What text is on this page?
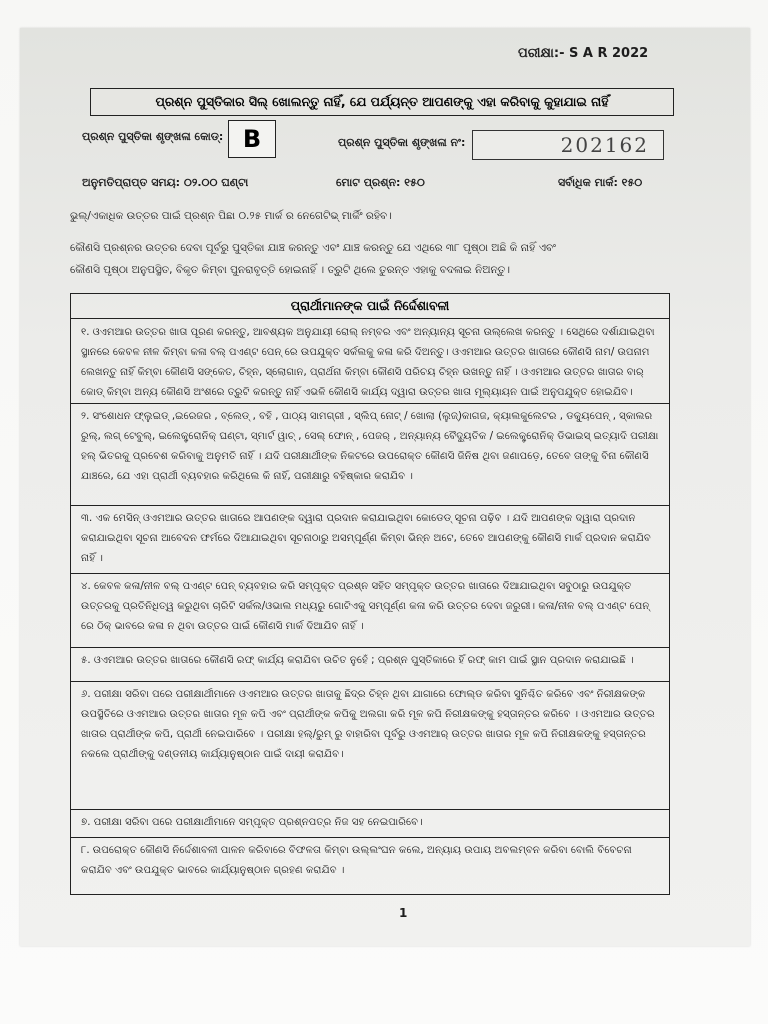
ପରୀକ୍ଷା:- S A R 2022
ପ୍ରଶ୍ନ ପୁସ୍ତିକାର ସିଲ୍ ଖୋଲନ୍ତୁ ନାହିଁ, ଯେ ପର୍ଯ୍ୟନ୍ତ ଆପଣଙ୍କୁ ଏହା କରିବାକୁ କୁହାଯାଇ ନାହିଁ
ପ୍ରଶ୍ନ ପୁସ୍ତିକା ଶୃଙ୍ଖଳା କୋଡ୍: B	ପ୍ରଶ୍ନ ପୁସ୍ତିକା ଶୃଙ୍ଖଳା ନଂ:	202162
ଅନୁମତିପ୍ରାପ୍ତ ସମୟ: ୦୨.୦୦ ଘଣ୍ଟା	ମୋଟ ପ୍ରଶ୍ନ: ୧୫୦	ସର୍ବାଧିକ ମାର୍କ: ୧୫୦
ଭୁଲ୍/ଏକାଧିକ ଉତ୍ତର ପାଇଁ ପ୍ରଶ୍ନ ପିଛା ୦.୨୫ ମାର୍କ ର ନେଗେଟିଭ୍ ମାର୍କିଂ ରହିବ।
କୌଣସି ପ୍ରଶ୍ନର ଉତ୍ତର ଦେବା ପୂର୍ବରୁ ପୁସ୍ତିକା ଯାଞ୍ଚ କରନ୍ତୁ ଏବଂ ଯାଞ୍ଚ କରନ୍ତୁ ଯେ ଏଥିରେ ୩୮ ପୃଷ୍ଠା ଅଛି କି ନାହିଁ ଏବଂ
କୌଣସି ପୃଷ୍ଠା ଅନୁପସ୍ଥିତ, ବିକୃତ କିମ୍ବା ପୁନରାବୃତ୍ତି ହୋଇନାହିଁ । ତ୍ରୁଟି ଥିଲେ ତୁରନ୍ତ ଏହାକୁ ବଦଳାଇ ନିଅନ୍ତୁ।
ପ୍ରାର୍ଥୀମାନଙ୍କ ପାଇଁ ନିର୍ଦ୍ଦେଶାବଳୀ
୧. ଓଏମଆର ଉତ୍ତର ଖାତା ପୂରଣ କରନ୍ତୁ, ଆବଶ୍ୟକ ଅନୁଯାୟୀ ରୋଲ୍ ନମ୍ବର ଏବଂ ଅନ୍ୟାନ୍ୟ ସୂଚନା ଉଲ୍ଲେଖ କରନ୍ତୁ । ସେଥିରେ ଦର୍ଶାଯାଇଥିବା ସ୍ଥାନରେ କେବଳ ନୀଳ କିମ୍ବା କଳା ବଲ୍ ପଏଣ୍ଟ ପେନ୍ ରେ ଉପଯୁକ୍ତ ସର୍କଲକୁ କଳା କରି ଦିଅନ୍ତୁ। ଓଏମଆର ଉତ୍ତର ଖାତାରେ କୌଣସି ନାମ/ ଉପନାମ ଲେଖନ୍ତୁ ନାହିଁ କିମ୍ବା କୌଣସି ସଙ୍କେତ, ଚିହ୍ନ, ସ୍ଲୋଗାନ, ପ୍ରାର୍ଥନା କିମ୍ବା କୌଣସି ପରିଚୟ ଚିହ୍ନ ଉଖନ୍ତୁ ନାହିଁ । ଓଏମଆର ଉତ୍ତର ଖାତାର ବାର୍ କୋଡ୍ କିମ୍ବା ଅନ୍ୟ କୌଣସି ଅଂଶରେ ତ୍ରୁଟି କରନ୍ତୁ ନାହିଁ ଏଭଳି କୌଣସି କାର୍ଯ୍ୟ ଦ୍ୱାରା ଉତ୍ତର ଖାତା ମୂଲ୍ୟାୟନ ପାଇଁ ଅନୁପଯୁକ୍ତ ହୋଇଯିବ।
୨. ସଂଶୋଧନ ଫ୍ଲୁଇଡ୍ ,ଇରେଜର , ବ୍ଲେଡ୍ , ବହି , ପାଠ୍ୟ ସାମଗ୍ରୀ , ସ୍ଲିପ୍ ନୋଟ୍ / ଖୋଲା (ଲୁଜ୍)କାଗଜ, କ୍ୟାଲକୁଲେଟର , ଡକ୍ୟୁପେନ୍ , ସ୍କାଲର ରୁଲ୍, ଲଗ୍ ଟେବୁଲ୍, ଇଲେକ୍ଟ୍ରୋନିକ୍ ଘଣ୍ଟା, ସ୍ମାର୍ଟ ୱାଚ୍ , ସେଲ୍ ଫୋନ୍ , ପେଜର୍ , ଅନ୍ୟାନ୍ୟ ବୈଦ୍ୟୁତିକ / ଇଲେକ୍ଟ୍ରୋନିକ୍ ଡିଭାଇସ୍ ଇତ୍ୟାଦି ପରୀକ୍ଷା ହଲ୍ ଭିତରକୁ ପ୍ରବେଶ କରିବାକୁ ଅନୁମତି ନାହିଁ । ଯଦି ପରୀକ୍ଷାର୍ଥୀଙ୍କ ନିକଟରେ ଉପରୋକ୍ତ କୌଣସି ଜିନିଷ ଥିବା ଜଣାପଡ଼େ, ତେବେ ତାଙ୍କୁ ବିନା କୌଣସି ଯାଞ୍ଚରେ, ଯେ ଏହା ପ୍ରାର୍ଥୀ ବ୍ୟବହାର କରିଥିଲେ କି ନାହିଁ, ପରୀକ୍ଷାରୁ ବହିଷ୍କାର କରାଯିବ ।
୩. ଏକ ମେସିନ୍ ଓଏମଆର ଉତ୍ତର ଖାତାରେ ଆପଣଙ୍କ ଦ୍ୱାରା ପ୍ରଦାନ କରାଯାଇଥିବା କୋଡେଡ୍ ସୂଚନା ପଢ଼ିବ । ଯଦି ଆପଣଙ୍କ ଦ୍ୱାରା ପ୍ରଦାନ କରାଯାଇଥିବା ସୂଚନା ଆବେଦନ ଫର୍ମରେ ଦିଆଯାଇଥିବା ସୂଚନାଠାରୁ ଅସମ୍ପୂର୍ଣ୍ଣ କିମ୍ବା ଭିନ୍ନ ଅଟେ, ତେବେ ଆପଣଙ୍କୁ କୌଣସି ମାର୍କ ପ୍ରଦାନ କରାଯିବ ନାହିଁ ।
୪. କେବଳ କଳା/ନୀଳ ବଲ୍ ପଏଣ୍ଟ ପେନ୍ ବ୍ୟବହାର କରି ସମ୍ପୃକ୍ତ ପ୍ରଶ୍ନ ସହିତ ସମ୍ପୃକ୍ତ ଉତ୍ତର ଖାତାରେ ଦିଆଯାଇଥିବା ସବୁଠାରୁ ଉପଯୁକ୍ତ ଉତ୍ତରକୁ ପ୍ରତିନିଧିତ୍ୱ କରୁଥିବା ଚାରିଟି ସର୍କଲ/ଓଭାଲ ମଧ୍ୟରୁ ଗୋଟିଏକୁ ସମ୍ପୂର୍ଣ୍ଣ କଳା କରି ଉତ୍ତର ଦେବା ଜରୁରୀ। କଳା/ନୀଳ ବଲ୍ ପଏଣ୍ଟ ପେନ୍ ରେ ଠିକ୍ ଭାବରେ କଳା ନ ଥିବା ଉତ୍ତର ପାଇଁ କୌଣସି ମାର୍କ ଦିଆଯିବ ନାହିଁ ।
୫. ଓଏମଆର ଉତ୍ତର ଖାତାରେ କୌଣସି ରଫ୍ କାର୍ଯ୍ୟ କରାଯିବା ଉଚିତ ନୁହେଁ ; ପ୍ରଶ୍ନ ପୁସ୍ତିକାରେ ହିଁ ରଫ୍ କାମ ପାଇଁ ସ୍ଥାନ ପ୍ରଦାନ କରାଯାଇଛି ।
୬. ପରୀକ୍ଷା ସରିବା ପରେ ପରୀକ୍ଷାର୍ଥୀମାନେ ଓଏମଆର ଉତ୍ତର ଖାତାକୁ ଛିଦ୍ର ଚିହ୍ନ ଥିବା ଯାଗାରେ ଫୋଲ୍ଡ କରିବା ସୁନିଶ୍ଚିତ କରିବେ ଏବଂ ନିରୀକ୍ଷକଙ୍କ ଉପସ୍ଥିତିରେ ଓଏମଆର ଉତ୍ତର ଖାତାର ମୂଳ କପି ଏବଂ ପ୍ରାର୍ଥୀଙ୍କ କପିକୁ ଅଲଗା କରି ମୂଳ କପି ନିରୀକ୍ଷକଙ୍କୁ ହସ୍ତାନ୍ତର କରିବେ । ଓଏମଆର ଉତ୍ତର ଖାତାର ପ୍ରାର୍ଥୀଙ୍କ କପି, ପ୍ରାର୍ଥୀ ନେଇପାରିବେ । ପରୀକ୍ଷା ହଲ୍/ରୁମ୍ ରୁ ବାହାରିବା ପୂର୍ବରୁ ଓଏମଆର୍ ଉତ୍ତର ଖାତାର ମୂଳ କପି ନିରୀକ୍ଷକଙ୍କୁ ହସ୍ତାନ୍ତର ନକଲେ ପ୍ରାର୍ଥୀଙ୍କୁ ଦଣ୍ଡନୀୟ କାର୍ଯ୍ୟାନୁଷ୍ଠାନ ପାଇଁ ଦାୟୀ କରାଯିବ।
୭. ପରୀକ୍ଷା ସରିବା ପରେ ପରୀକ୍ଷାର୍ଥୀମାନେ ସମ୍ପୃକ୍ତ ପ୍ରଶ୍ନପତ୍ର ନିଜ ସହ ନେଇପାରିବେ।
୮. ଉପରୋକ୍ତ କୌଣସି ନିର୍ଦ୍ଦେଶାବଳୀ ପାଳନ କରିବାରେ ବିଫଳତା କିମ୍ବା ଉଲ୍ଲଂଘନ କଲେ, ଅନ୍ୟାୟ ଉପାୟ ଅବଲମ୍ବନ କରିବା ବୋଲି ବିବେଚନା କରାଯିବ ଏବଂ ଉପଯୁକ୍ତ ଭାବରେ କାର୍ଯ୍ୟାନୁଷ୍ଠାନ ଗ୍ରହଣ କରାଯିବ ।
1
